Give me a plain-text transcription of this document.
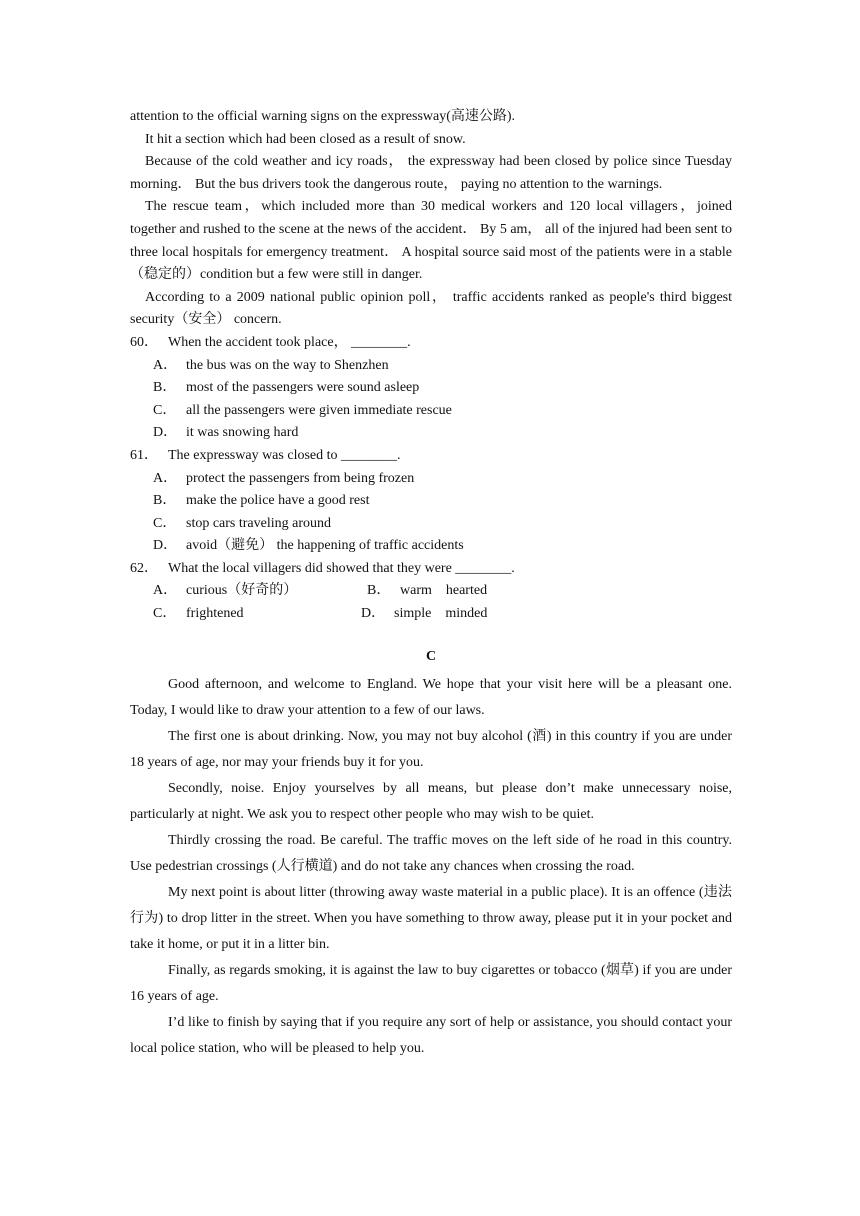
attention to the official warning signs on the expressway(高速公路).

It hit a section which had been closed as a result of snow.

Because of the cold weather and icy roads， the expressway had been closed by police since Tuesday morning． But the bus drivers took the dangerous route， paying no attention to the warnings.

The rescue team，which included more than 30 medical workers and 120 local villagers，joined together and rushed to the scene at the news of the accident． By 5 am， all of the injured had been sent to three local hospitals for emergency treatment． A hospital source said most of the patients were in a stable（稳定的）condition but a few were still in danger.

According to a 2009 national public opinion poll， traffic accidents ranked as people's third biggest security（安全） concern.

60． When the accident took place， ________.

A． the bus was on the way to Shenzhen

B． most of the passengers were sound asleep

C． all the passengers were given immediate rescue

D． it was snowing hard

61． The expressway was closed to ________.

A． protect the passengers from being frozen

B． make the police have a good rest

C． stop cars traveling around

D． avoid（避免） the happening of traffic accidents

62． What the local villagers did showed that they were ________.

A． curious（好奇的）	B． warm    hearted
C． frightened	D． simple    minded
C

Good afternoon, and welcome to England. We hope that your visit here will be a pleasant one. Today, I would like to draw your attention to a few of our laws.

The first one is about drinking. Now, you may not buy alcohol (酒) in this country if you are under 18 years of age, nor may your friends buy it for you.

Secondly, noise. Enjoy yourselves by all means, but please don’t make unnecessary noise, particularly at night. We ask you to respect other people who may wish to be quiet.

Thirdly crossing the road. Be careful. The traffic moves on the left side of he road in this country. Use pedestrian crossings (人行横道) and do not take any chances when crossing the road.

My next point is about litter (throwing away waste material in a public place). It is an offence (违法行为) to drop litter in the street. When you have something to throw away, please put it in your pocket and take it home, or put it in a litter bin.

Finally, as regards smoking, it is against the law to buy cigarettes or tobacco (烟草) if you are under 16 years of age.

I’d like to finish by saying that if you require any sort of help or assistance, you should contact your local police station, who will be pleased to help you.
